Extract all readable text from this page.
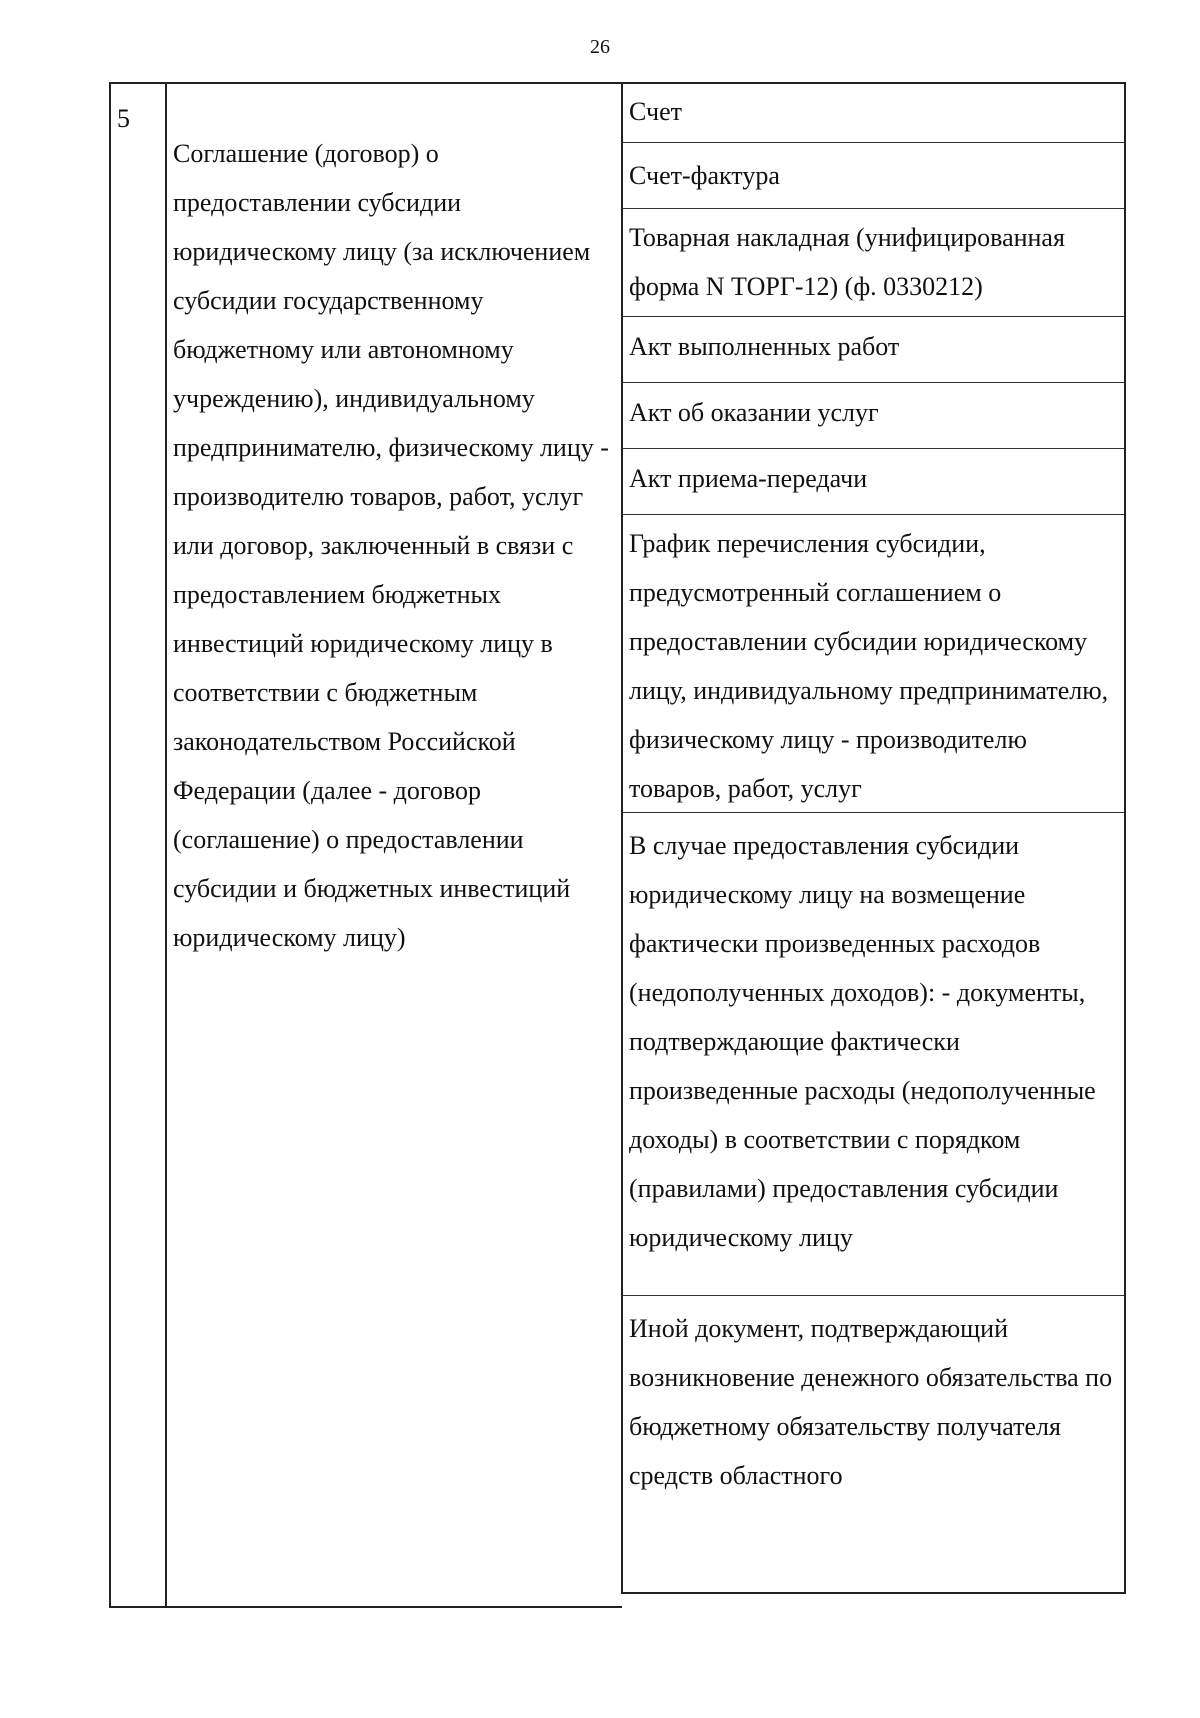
26
5
Соглашение (договор) о предоставлении субсидии юридическому лицу (за исключением субсидии государственному бюджетному или автономному учреждению), индивидуальному предпринимателю, физическому лицу - производителю товаров, работ, услуг или договор, заключенный в связи с предоставлением бюджетных инвестиций юридическому лицу в соответствии с бюджетным законодательством Российской Федерации (далее - договор (соглашение) о предоставлении субсидии и бюджетных инвестиций юридическому лицу)
Счет
Счет-фактура
Товарная накладная (унифицированная форма N ТОРГ-12) (ф. 0330212)
Акт выполненных работ
Акт об оказании услуг
Акт приема-передачи
График перечисления субсидии, предусмотренный соглашением о предоставлении субсидии юридическому лицу, индивидуальному предпринимателю, физическому лицу - производителю товаров, работ, услуг
В случае предоставления субсидии юридическому лицу на возмещение фактически произведенных расходов (недополученных доходов): - документы, подтверждающие фактически произведенные расходы (недополученные доходы) в соответствии с порядком (правилами) предоставления субсидии юридическому лицу
Иной документ, подтверждающий возникновение денежного обязательства по бюджетному обязательству получателя средств областного
